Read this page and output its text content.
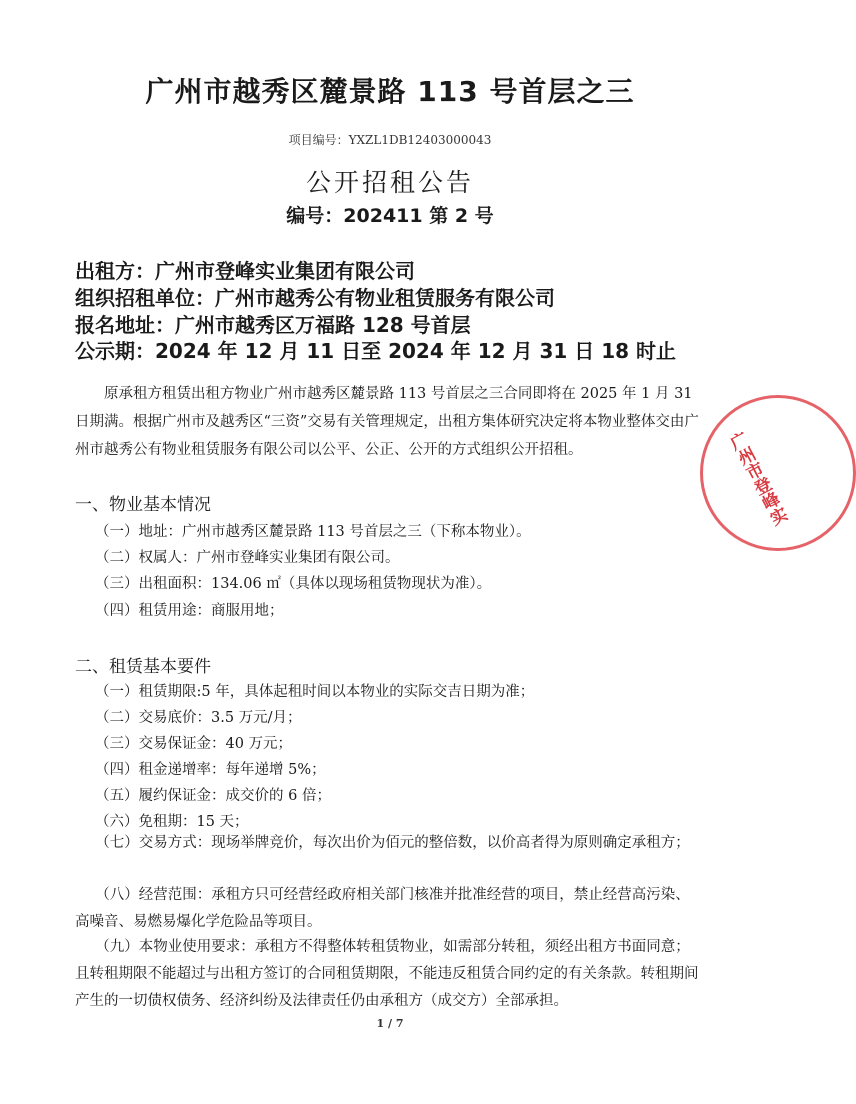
广州市越秀区麓景路 113 号首层之三
项目编号：YXZL1DB12403000043
公开招租公告
编号：202411 第 2 号
出租方：广州市登峰实业集团有限公司
组织招租单位：广州市越秀公有物业租赁服务有限公司
报名地址：广州市越秀区万福路 128 号首层
公示期：2024 年 12 月 11 日至 2024 年 12 月 31 日 18 时止

原承租方租赁出租方物业广州市越秀区麓景路 113 号首层之三合同即将在 2025 年 1 月 31 日期满。根据广州市及越秀区“三资”交易有关管理规定，出租方集体研究决定将本物业整体交由广州市越秀公有物业租赁服务有限公司以公平、公正、公开的方式组织公开招租。

一、物业基本情况
（一）地址：广州市越秀区麓景路 113 号首层之三（下称本物业）。
（二）权属人：广州市登峰实业集团有限公司。
（三）出租面积：134.06 ㎡（具体以现场租赁物现状为准）。
（四）租赁用途：商服用地；
二、租赁基本要件
（一）租赁期限:5 年，具体起租时间以本物业的实际交吉日期为准；
（二）交易底价：3.5 万元/月；
（三）交易保证金：40 万元；
（四）租金递增率：每年递增 5%；
（五）履约保证金：成交价的 6 倍；
（六）免租期：15 天；

（七）交易方式：现场举牌竞价，每次出价为佰元的整倍数，以价高者得为原则确定承租方；

（八）经营范围：承租方只可经营经政府相关部门核准并批准经营的项目，禁止经营高污染、高噪音、易燃易爆化学危险品等项目。

（九）本物业使用要求：承租方不得整体转租赁物业，如需部分转租，须经出租方书面同意；且转租期限不能超过与出租方签订的合同租赁期限，不能违反租赁合同约定的有关条款。转租期间产生的一切债权债务、经济纠纷及法律责任仍由承租方（成交方）全部承担。

1 / 7
广州市登峰实
